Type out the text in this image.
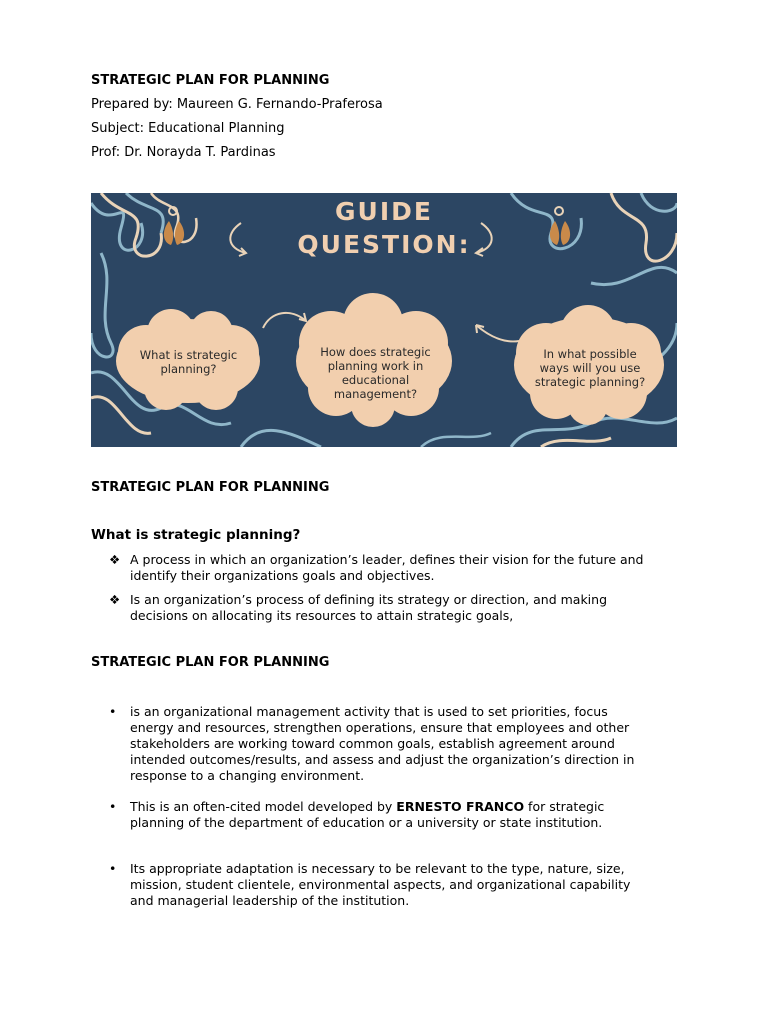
STRATEGIC PLAN FOR PLANNING
Prepared by: Maureen G. Fernando-Praferosa
Subject: Educational Planning
Prof: Dr. Norayda T. Pardinas
GUIDE
QUESTION:
What is strategic planning?
How does strategic planning work in educational management?
In what possible ways will you use strategic planning?
STRATEGIC PLAN FOR PLANNING
What is strategic planning?
❖ A process in which an organization’s leader, defines their vision for the future and
identify their organizations goals and objectives.
❖ Is an organization’s process of defining its strategy or direction, and making
decisions on allocating its resources to attain strategic goals,
STRATEGIC PLAN FOR PLANNING
• is an organizational management activity that is used to set priorities, focus
energy and resources, strengthen operations, ensure that employees and other
stakeholders are working toward common goals, establish agreement around
intended outcomes/results, and assess and adjust the organization’s direction in
response to a changing environment.
• This is an often-cited model developed by ERNESTO FRANCO for strategic
planning of the department of education or a university or state institution.
• Its appropriate adaptation is necessary to be relevant to the type, nature, size,
mission, student clientele, environmental aspects, and organizational capability
and managerial leadership of the institution.
